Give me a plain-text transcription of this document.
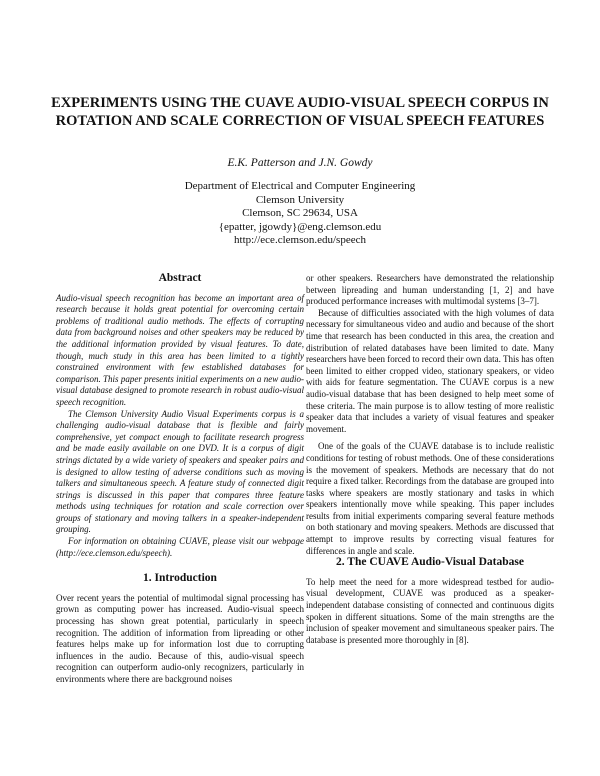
EXPERIMENTS USING THE CUAVE AUDIO-VISUAL SPEECH CORPUS IN ROTATION AND SCALE CORRECTION OF VISUAL SPEECH FEATURES
E.K. Patterson and J.N. Gowdy
Department of Electrical and Computer Engineering
Clemson University
Clemson, SC 29634, USA
{epatter, jgowdy}@eng.clemson.edu
http://ece.clemson.edu/speech
Abstract

Audio-visual speech recognition has become an important area of research because it holds great potential for overcoming certain problems of traditional audio methods. The effects of corrupting data from background noises and other speakers may be reduced by the additional information provided by visual features. To date, though, much study in this area has been limited to a tightly constrained environment with few established databases for comparison. This paper presents initial experiments on a new audio-visual database designed to promote research in robust audio-visual speech recognition.

The Clemson University Audio Visual Experiments corpus is a challenging audio-visual database that is flexible and fairly comprehensive, yet compact enough to facilitate research progress and be made easily available on one DVD. It is a corpus of digit strings dictated by a wide variety of speakers and speaker pairs and is designed to allow testing of adverse conditions such as moving talkers and simultaneous speech. A feature study of connected digit strings is discussed in this paper that compares three feature methods using techniques for rotation and scale correction over groups of stationary and moving talkers in a speaker-independent grouping.

For information on obtaining CUAVE, please visit our webpage (http://ece.clemson.edu/speech).

1. Introduction

Over recent years the potential of multimodal signal processing has grown as computing power has increased. Audio-visual speech processing has shown great potential, particularly in speech recognition. The addition of information from lipreading or other features helps make up for information lost due to corrupting influences in the audio. Because of this, audio-visual speech recognition can outperform audio-only recognizers, particularly in environments where there are background noises

or other speakers. Researchers have demonstrated the relationship between lipreading and human understanding [1, 2] and have produced performance increases with multimodal systems [3–7].

Because of difficulties associated with the high volumes of data necessary for simultaneous video and audio and because of the short time that research has been conducted in this area, the creation and distribution of related databases have been limited to date. Many researchers have been forced to record their own data. This has often been limited to either cropped video, stationary speakers, or video with aids for feature segmentation. The CUAVE corpus is a new audio-visual database that has been designed to help meet some of these criteria. The main purpose is to allow testing of more realistic speaker data that includes a variety of visual features and speaker movement.

One of the goals of the CUAVE database is to include realistic conditions for testing of robust methods. One of these considerations is the movement of speakers. Methods are necessary that do not require a fixed talker. Recordings from the database are grouped into tasks where speakers are mostly stationary and tasks in which speakers intentionally move while speaking. This paper includes results from initial experiments comparing several feature methods on both stationary and moving speakers. Methods are discussed that attempt to improve results by correcting visual features for differences in angle and scale.

2. The CUAVE Audio-Visual Database

To help meet the need for a more widespread testbed for audio-visual development, CUAVE was produced as a speaker-independent database consisting of connected and continuous digits spoken in different situations. Some of the main strengths are the inclusion of speaker movement and simultaneous speaker pairs. The database is presented more thoroughly in [8].
